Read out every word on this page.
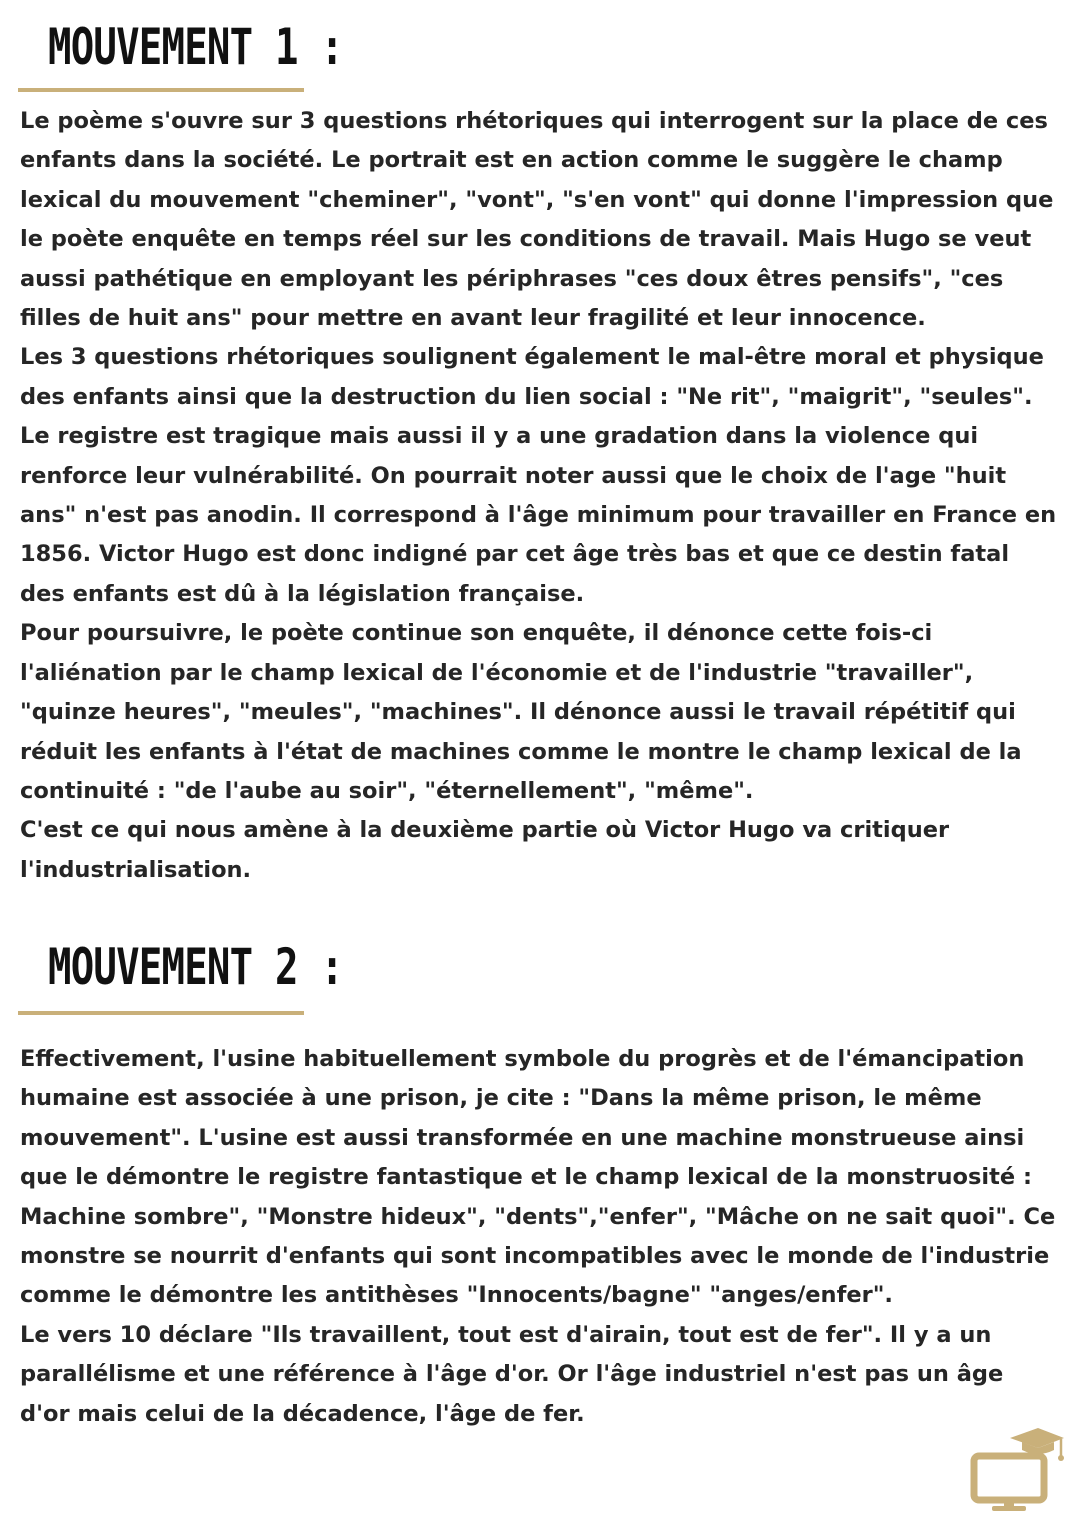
MOUVEMENT 1 :

Le poème s'ouvre sur 3 questions rhétoriques qui interrogent sur la place de ces enfants dans la société. Le portrait est en action comme le suggère le champ lexical du mouvement "cheminer", "vont", "s'en vont" qui donne l'impression que le poète enquête en temps réel sur les conditions de travail. Mais Hugo se veut aussi pathétique en employant les périphrases "ces doux êtres pensifs", "ces filles de huit ans" pour mettre en avant leur fragilité et leur innocence.

Les 3 questions rhétoriques soulignent également le mal-être moral et physique des enfants ainsi que la destruction du lien social : "Ne rit", "maigrit", "seules". Le registre est tragique mais aussi il y a une gradation dans la violence qui renforce leur vulnérabilité. On pourrait noter aussi que le choix de l'age "huit ans" n'est pas anodin. Il correspond à l'âge minimum pour travailler en France en 1856. Victor Hugo est donc indigné par cet âge très bas et que ce destin fatal des enfants est dû à la législation française.

Pour poursuivre, le poète continue son enquête, il dénonce cette fois-ci l'aliénation par le champ lexical de l'économie et de l'industrie "travailler", "quinze heures", "meules", "machines". Il dénonce aussi le travail répétitif qui réduit les enfants à l'état de machines comme le montre le champ lexical de la continuité : "de l'aube au soir", "éternellement", "même".

C'est ce qui nous amène à la deuxième partie où Victor Hugo va critiquer l'industrialisation.

MOUVEMENT 2 :

Effectivement, l'usine habituellement symbole du progrès et de l'émancipation humaine est associée à une prison, je cite : "Dans la même prison, le même mouvement". L'usine est aussi transformée en une machine monstrueuse ainsi que le démontre le registre fantastique et le champ lexical de la monstruosité : Machine sombre", "Monstre hideux", "dents","enfer", "Mâche on ne sait quoi". Ce monstre se nourrit d'enfants qui sont incompatibles avec le monde de l'industrie comme le démontre les antithèses "Innocents/bagne" "anges/enfer".

Le vers 10 déclare "Ils travaillent, tout est d'airain, tout est de fer". Il y a un parallélisme et une référence à l'âge d'or. Or l'âge industriel n'est pas un âge d'or mais celui de la décadence, l'âge de fer.
